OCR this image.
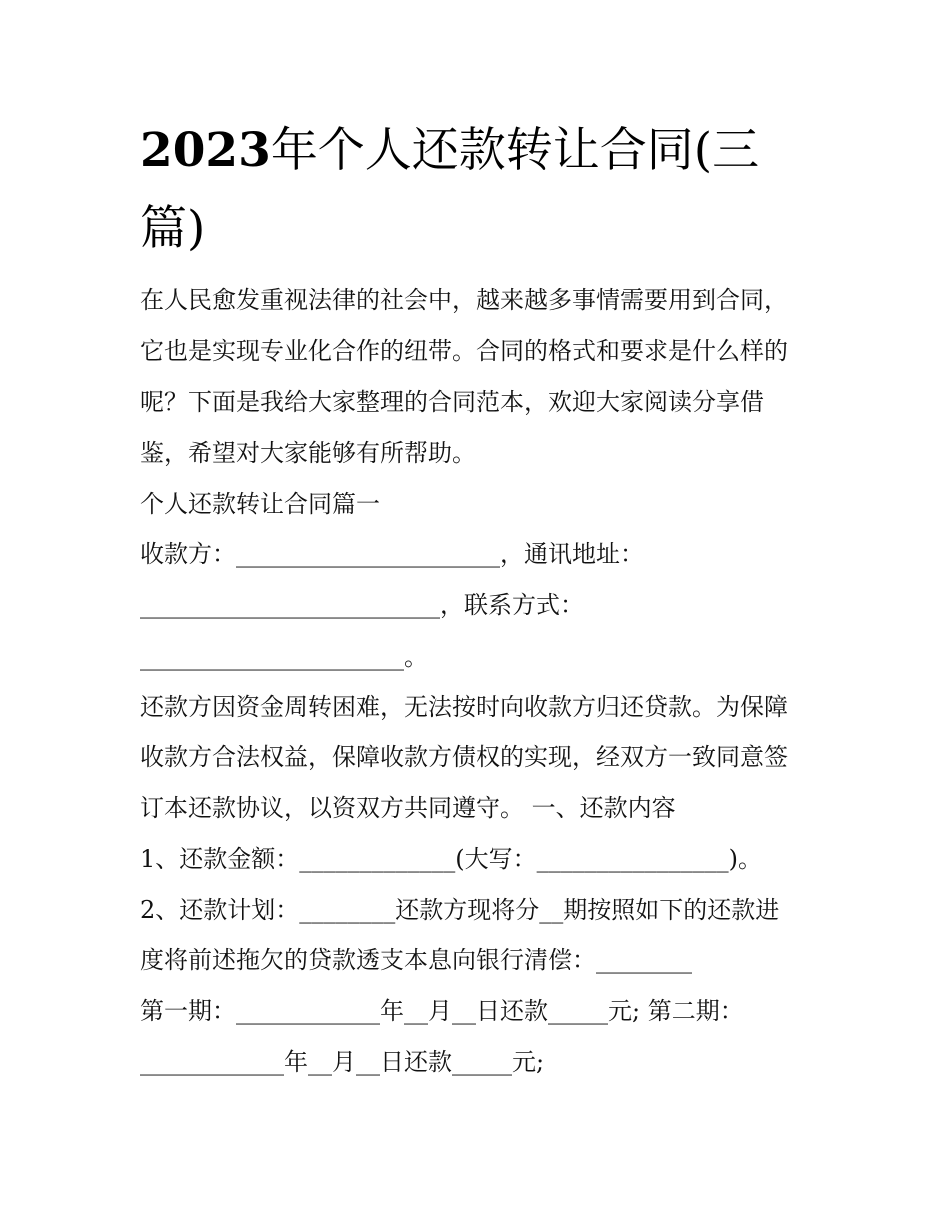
2023年个人还款转让合同(三
篇)
在人民愈发重视法律的社会中，越来越多事情需要用到合同，
它也是实现专业化合作的纽带。合同的格式和要求是什么样的
呢？下面是我给大家整理的合同范本，欢迎大家阅读分享借
鉴，希望对大家能够有所帮助。
个人还款转让合同篇一
收款方：______________________，通讯地址：
_________________________，联系方式：
______________________。
还款方因资金周转困难，无法按时向收款方归还贷款。为保障
收款方合法权益，保障收款方债权的实现，经双方一致同意签
订本还款协议，以资双方共同遵守。 一、还款内容
1、还款金额：_____________(大写：________________)。
2、还款计划：________还款方现将分__期按照如下的还款进
度将前述拖欠的贷款透支本息向银行清偿：________
第一期：____________年__月__日还款_____元; 第二期：
____________年__月__日还款_____元;
